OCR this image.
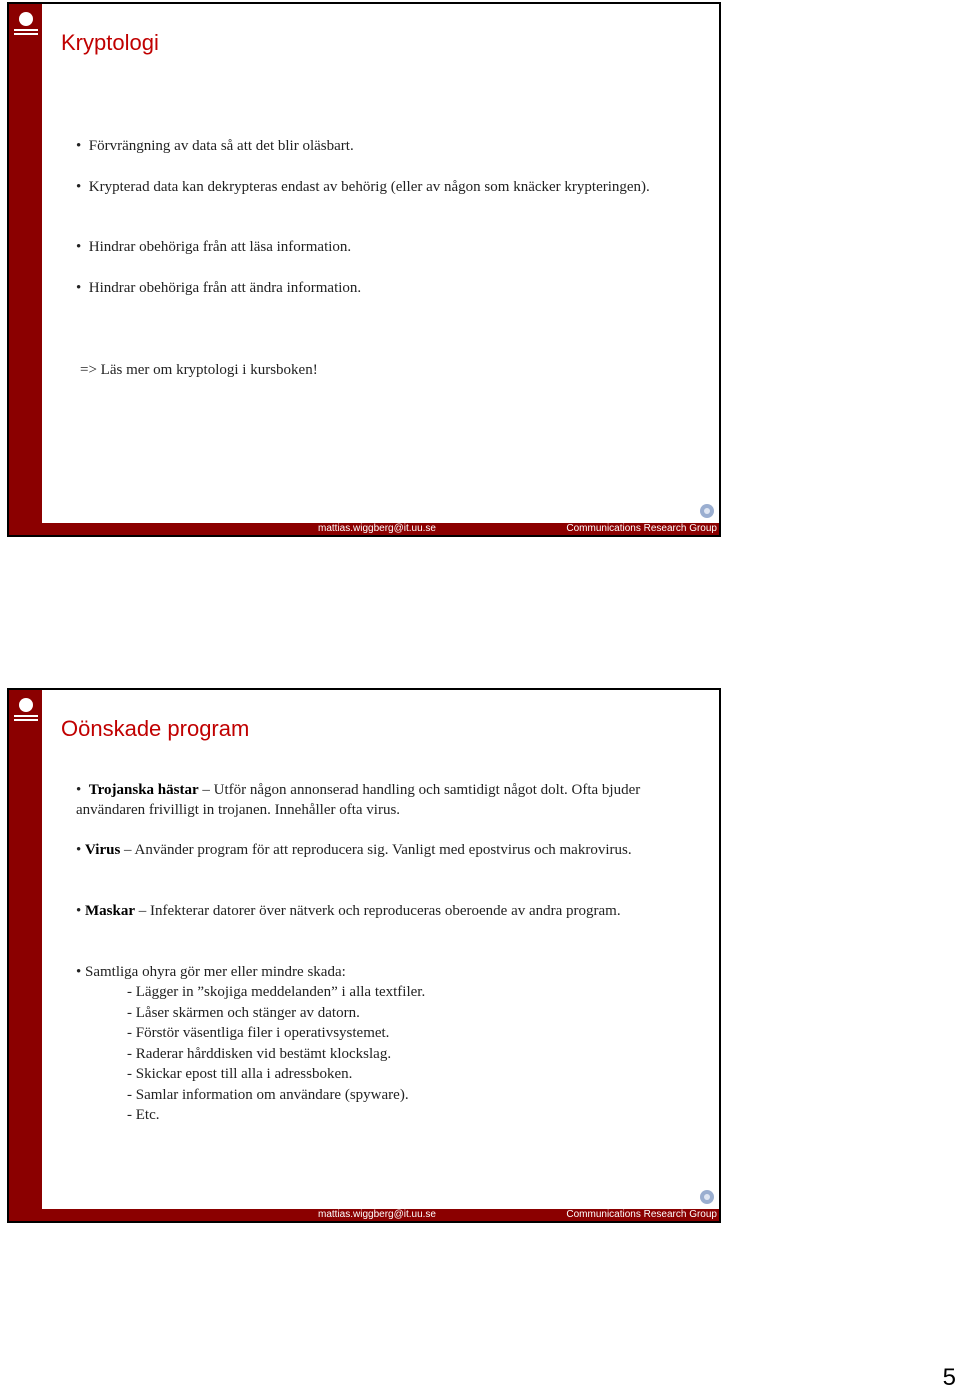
Kryptologi

•  Förvrängning av data så att det blir oläsbart.

•  Krypterad data kan dekrypteras endast av behörig (eller av någon som knäcker krypteringen).

•  Hindrar obehöriga från att läsa information.

•  Hindrar obehöriga från att ändra information.

=> Läs mer om kryptologi i kursboken!

mattias.wiggberg@it.uu.se	Communications Research Group
Oönskade program

•  Trojanska hästar – Utför någon annonserad handling och samtidigt något dolt. Ofta bjuder användaren frivilligt in trojanen. Innehåller ofta virus.

• Virus – Använder program för att reproducera sig. Vanligt med epostvirus och makrovirus.

• Maskar – Infekterar datorer över nätverk och reproduceras oberoende av andra program.

• Samtliga ohyra gör mer eller mindre skada:

- Lägger in ”skojiga meddelanden” i alla textfiler.

- Låser skärmen och stänger av datorn.

- Förstör väsentliga filer i operativsystemet.

- Raderar hårddisken vid bestämt klockslag.

- Skickar epost till alla i adressboken.

- Samlar information om användare (spyware).

- Etc.

mattias.wiggberg@it.uu.se	Communications Research Group
5
